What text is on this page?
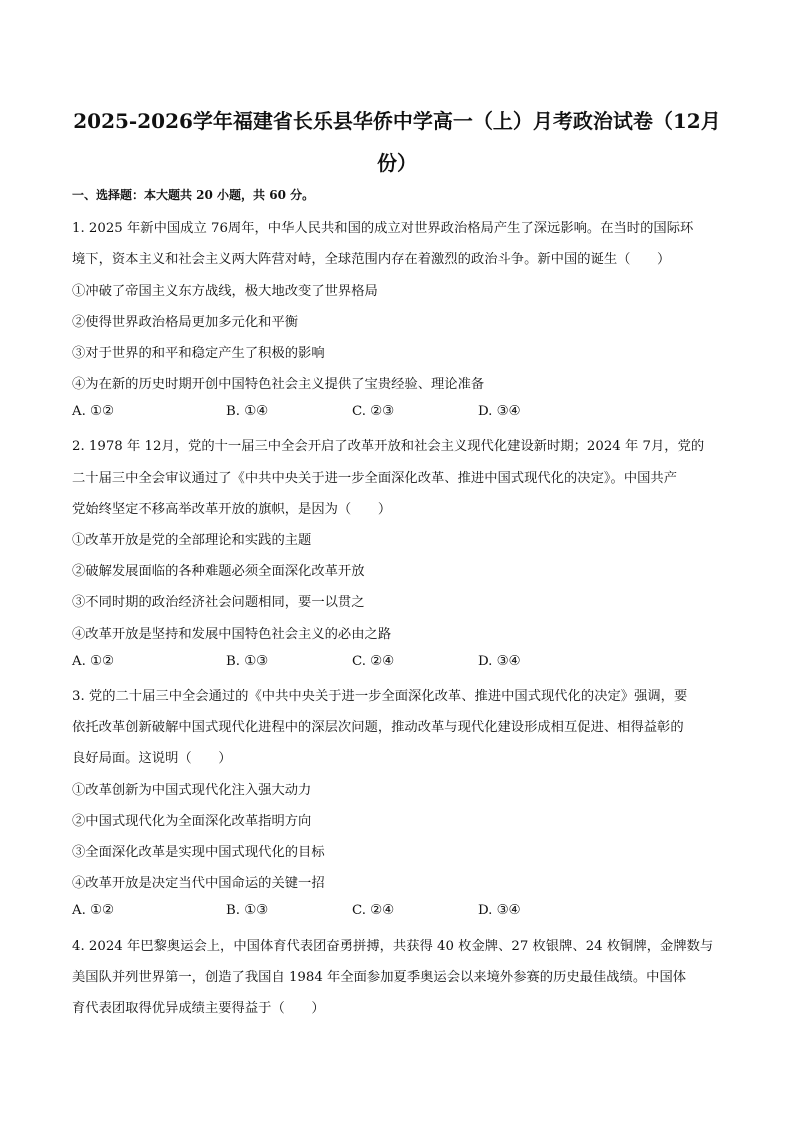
2025-2026学年福建省长乐县华侨中学高一（上）月考政治试卷（12月份）
一、选择题：本大题共 20 小题，共 60 分。
1. 2025 年新中国成立 76周年，中华人民共和国的成立对世界政治格局产生了深远影响。在当时的国际环
境下，资本主义和社会主义两大阵营对峙，全球范围内存在着激烈的政治斗争。新中国的诞生（　　）
①冲破了帝国主义东方战线，极大地改变了世界格局
②使得世界政治格局更加多元化和平衡
③对于世界的和平和稳定产生了积极的影响
④为在新的历史时期开创中国特色社会主义提供了宝贵经验、理论准备
A. ①②	B. ①④	C. ②③	D. ③④
2. 1978 年 12月，党的十一届三中全会开启了改革开放和社会主义现代化建设新时期；2024 年 7月，党的
二十届三中全会审议通过了《中共中央关于进一步全面深化改革、推进中国式现代化的决定》。中国共产
党始终坚定不移高举改革开放的旗帜，是因为（　　）
①改革开放是党的全部理论和实践的主题
②破解发展面临的各种难题必须全面深化改革开放
③不同时期的政治经济社会问题相同，要一以贯之
④改革开放是坚持和发展中国特色社会主义的必由之路
A. ①②	B. ①③	C. ②④	D. ③④
3. 党的二十届三中全会通过的《中共中央关于进一步全面深化改革、推进中国式现代化的决定》强调，要
依托改革创新破解中国式现代化进程中的深层次问题，推动改革与现代化建设形成相互促进、相得益彰的
良好局面。这说明（　　）
①改革创新为中国式现代化注入强大动力
②中国式现代化为全面深化改革指明方向
③全面深化改革是实现中国式现代化的目标
④改革开放是决定当代中国命运的关键一招
A. ①②	B. ①③	C. ②④	D. ③④
4. 2024 年巴黎奥运会上，中国体育代表团奋勇拼搏，共获得 40 枚金牌、27 枚银牌、24 枚铜牌，金牌数与
美国队并列世界第一，创造了我国自 1984 年全面参加夏季奥运会以来境外参赛的历史最佳战绩。中国体
育代表团取得优异成绩主要得益于（　　）
